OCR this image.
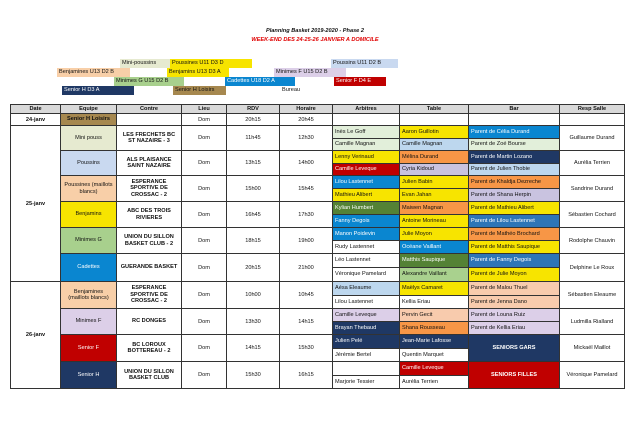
Planning Basket 2019-2020 - Phase 2
WEEK-END DES 24-25-26 JANVIER A DOMICILE
Mini-poussins	Poussins U11 D2 B
Benjamines U13 D2 B
Poussines U11 D3 D
Benjamins U13 D3 A	Minimes F U15 D2 B
Minimes G U15 D2 B	Cadettes U18 D2 A	Senior F D4 E
Senior H D3 A	Senior H Loisirs	Bureau
Date	Equipe	Contre	Lieu	RDV	Horaire	Arbitres	Table	Bar	Resp Salle
24-janv	Senior H Loisirs		Dom	20h15	20h45				
25-janv	Mini pouss	LES FRECHETS BC ST NAZAIRE - 3	Dom	11h45	12h30	Inès Le Goff	Aaron Guillotin	Parent de Célia Durand	Guillaume Durand
						Camille Magnan	Camille Magnan	Parent de Zoé Bourse	
	Poussins	ALS PLAISANCE SAINT NAZAIRE	Dom	13h15	14h00	Lenny Verinaud	Mélina Durand	Parent de Martin Lozano	Aurélia Terrien
						Camille Leveque	Cyria Kidoud	Parent de Julien Thobie	
	Poussines (maillots blancs)	ESPERANCE SPORTIVE DE CROSSAC - 2	Dom	15h00	15h45	Lilou Lastennet	Julien Babin	Parent de Khaldja Dezreche	Sandrine Durand
						Mathieu Alibert	Evan Jahan	Parent de Shana Herpin	
	Benjamins	ABC DES TROIS RIVIERES	Dom	16h45	17h30	Kylian Humbert	Maiwen Magnan	Parent de Mathieu Alibert	Sébastien Cochard
						Fanny Degois	Antoine Morineau	Parent de Lilou Lastennet	
	Minimes G	UNION DU SILLON BASKET CLUB - 2	Dom	18h15	19h00	Manon Poidevin	Julie Moyon	Parent de Mathéo Brochard	Rodolphe Chauvin
						Rudy Lastennet	Océane Vaillant	Parent de Matthis Saupique	
	Cadettes	GUERANDE BASKET	Dom	20h15	21h00	Léo Lastennet	Matthis Saupique	Parent de Fanny Degois	Delphine Le Roux
						Véronique Pamelard	Alexandre Vaillant	Parent de Julie Moyon	
26-janv	Benjamines (maillots blancs)	ESPERANCE SPORTIVE DE CROSSAC - 2	Dom	10h00	10h45	Aésa Eleaume	Maëlys Camaret	Parent de Malou Thuel	Sébastien Eleaume
						Lilou Lastennet	Kellia Eriau	Parent de Jenna Dano	
	Minimes F	RC DONGES	Dom	13h30	14h15	Camille Leveque	Pervin Gecit	Parent de Louna Ruiz	Ludmilla Rialland
						Brayan Thebaud	Shana Rousseau	Parent de Kellia Eriau	
	Senior F	BC LOROUX BOTTEREAU - 2	Dom	14h15	15h30	Julien Pelé	Jean-Marie Lafosse	SENIORS GARS	Mickaël Maillot
						Jérémie Bertel	Quentin Marquet		
	Senior H	UNION DU SILLON BASKET CLUB	Dom	15h30	16h15		Camille Leveque	SENIORS FILLES	Véronique Pamelard
						Marjorie Tessier	Aurélia Terrien		
